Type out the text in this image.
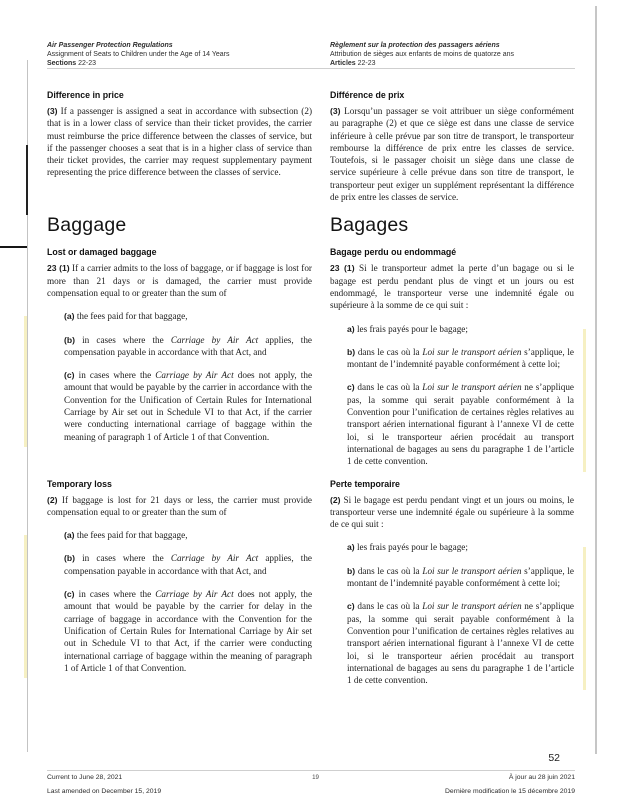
Air Passenger Protection Regulations
Assignment of Seats to Children under the Age of 14 Years
Sections 22-23
Règlement sur la protection des passagers aériens
Attribution de sièges aux enfants de moins de quatorze ans
Articles 22-23
Difference in price	Différence de prix

(3) If a passenger is assigned a seat in accordance with subsection (2) that is in a lower class of service than their ticket provides, the carrier must reimburse the price difference between the classes of service, but if the passenger chooses a seat that is in a higher class of service than their ticket provides, the carrier may request supplementary payment representing the price difference between the classes of service.

(3) Lorsqu’un passager se voit attribuer un siège conformément au paragraphe (2) et que ce siège est dans une classe de service inférieure à celle prévue par son titre de transport, le transporteur rembourse la différence de prix entre les classes de service. Toutefois, si le passager choisit un siège dans une classe de service supérieure à celle prévue dans son titre de transport, le transporteur peut exiger un supplément représentant la différence de prix entre les classes de service.

Baggage	Bagages
Lost or damaged baggage	Bagage perdu ou endommagé

23 (1) If a carrier admits to the loss of baggage, or if baggage is lost for more than 21 days or is damaged, the carrier must provide compensation equal to or greater than the sum of

(a) the fees paid for that baggage,
(b) in cases where the Carriage by Air Act applies, the compensation payable in accordance with that Act, and
(c) in cases where the Carriage by Air Act does not apply, the amount that would be payable by the carrier in accordance with the Convention for the Unification of Certain Rules for International Carriage by Air set out in Schedule VI to that Act, if the carrier were conducting international carriage of baggage within the meaning of paragraph 1 of Article 1 of that Convention.

23 (1) Si le transporteur admet la perte d’un bagage ou si le bagage est perdu pendant plus de vingt et un jours ou est endommagé, le transporteur verse une indemnité égale ou supérieure à la somme de ce qui suit :

a) les frais payés pour le bagage;
b) dans le cas où la Loi sur le transport aérien s’applique, le montant de l’indemnité payable conformément à cette loi;
c) dans le cas où la Loi sur le transport aérien ne s’applique pas, la somme qui serait payable conformément à la Convention pour l’unification de certaines règles relatives au transport aérien international figurant à l’annexe VI de cette loi, si le transporteur aérien procédait au transport international de bagages au sens du paragraphe 1 de l’article 1 de cette convention.
Temporary loss	Perte temporaire

(2) If baggage is lost for 21 days or less, the carrier must provide compensation equal to or greater than the sum of

(a) the fees paid for that baggage,
(b) in cases where the Carriage by Air Act applies, the compensation payable in accordance with that Act, and
(c) in cases where the Carriage by Air Act does not apply, the amount that would be payable by the carrier for delay in the carriage of baggage in accordance with the Convention for the Unification of Certain Rules for International Carriage by Air set out in Schedule VI to that Act, if the carrier were conducting international carriage of baggage within the meaning of paragraph 1 of Article 1 of that Convention.

(2) Si le bagage est perdu pendant vingt et un jours ou moins, le transporteur verse une indemnité égale ou supérieure à la somme de ce qui suit :

a) les frais payés pour le bagage;
b) dans le cas où la Loi sur le transport aérien s’applique, le montant de l’indemnité payable conformément à cette loi;
c) dans le cas où la Loi sur le transport aérien ne s’applique pas, la somme qui serait payable conformément à la Convention pour l’unification de certaines règles relatives au transport aérien international figurant à l’annexe VI de cette loi, si le transporteur aérien procédait au transport international de bagages au sens du paragraphe 1 de l’article 1 de cette convention.
52
Current to June 28, 2021	19	À jour au 28 juin 2021
Last amended on December 15, 2019	Dernière modification le 15 décembre 2019
